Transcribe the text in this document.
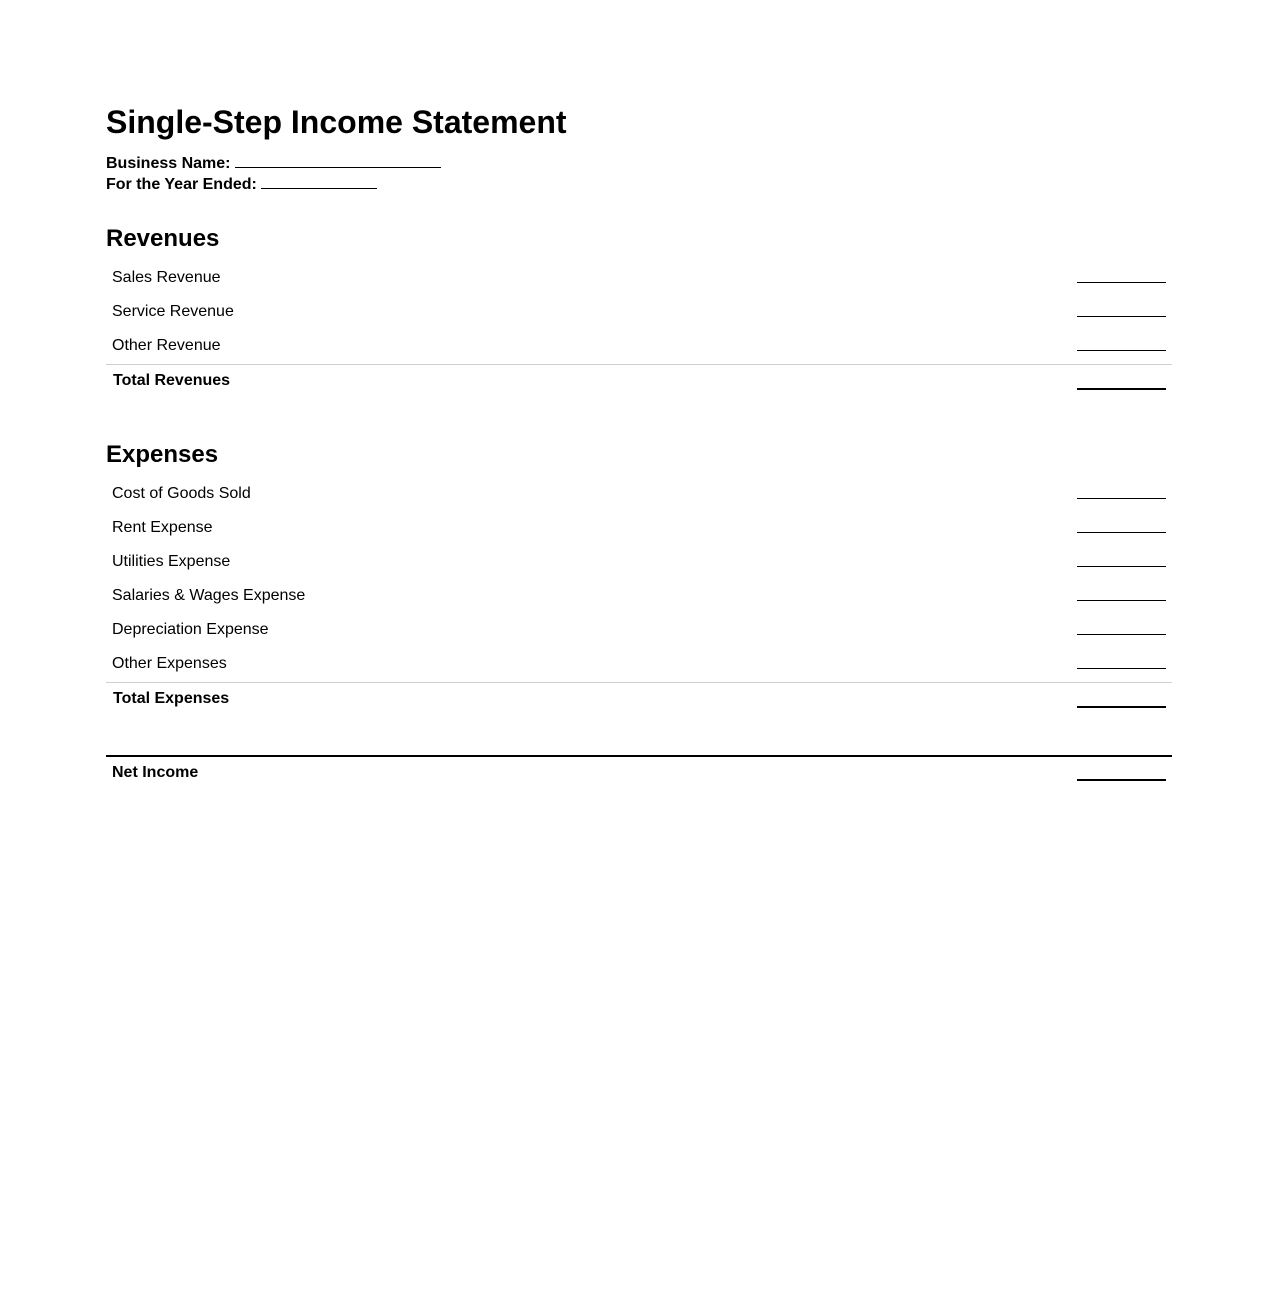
Single-Step Income Statement
Business Name:
For the Year Ended:
Revenues
Sales Revenue
Service Revenue
Other Revenue
Total Revenues
Expenses
Cost of Goods Sold
Rent Expense
Utilities Expense
Salaries & Wages Expense
Depreciation Expense
Other Expenses
Total Expenses
Net Income
